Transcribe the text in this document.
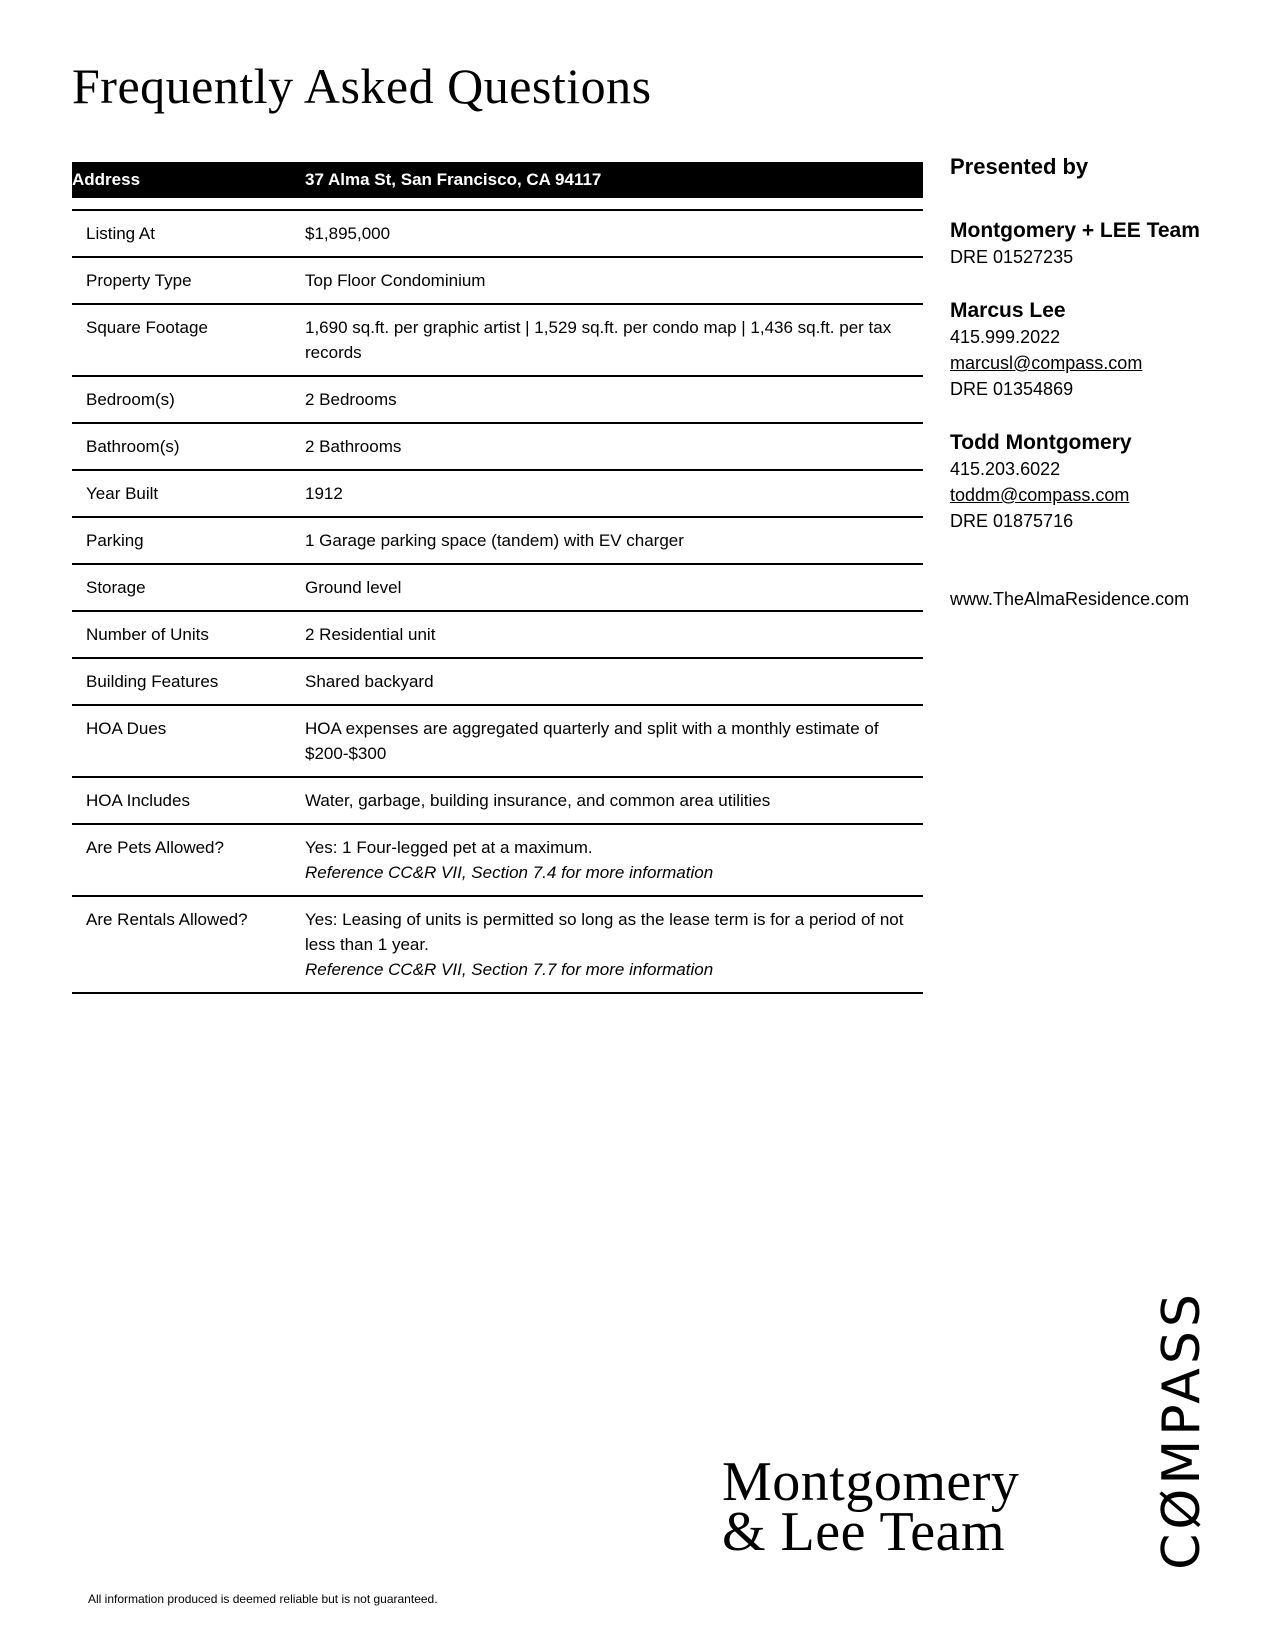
Frequently Asked Questions
Address	37 Alma St, San Francisco, CA 94117

Listing At	$1,895,000

Property Type	Top Floor Condominium

Square Footage	1,690 sq.ft. per graphic artist | 1,529 sq.ft. per condo map | 1,436 sq.ft. per tax records

Bedroom(s)	2 Bedrooms

Bathroom(s)	2 Bathrooms

Year Built	1912

Parking	1 Garage parking space (tandem) with EV charger

Storage	Ground level

Number of Units	2 Residential unit

Building Features	Shared backyard

HOA Dues	HOA expenses are aggregated quarterly and split with a monthly estimate of $200-$300

HOA Includes	Water, garbage, building insurance, and common area utilities

Are Pets Allowed?	Yes: 1 Four-legged pet at a maximum.
Reference CC&R VII, Section 7.4 for more information

Are Rentals Allowed?	Yes: Leasing of units is permitted so long as the lease term is for a period of not less than 1 year.
Reference CC&R VII, Section 7.7 for more information
Presented by
Montgomery + LEE Team
DRE 01527235
Marcus Lee
415.999.2022
marcusl@compass.com
DRE 01354869
Todd Montgomery
415.203.6022
toddm@compass.com
DRE 01875716
www.TheAlmaResidence.com
Montgomery
& Lee Team	CØMPASS
All information produced is deemed reliable but is not guaranteed.
